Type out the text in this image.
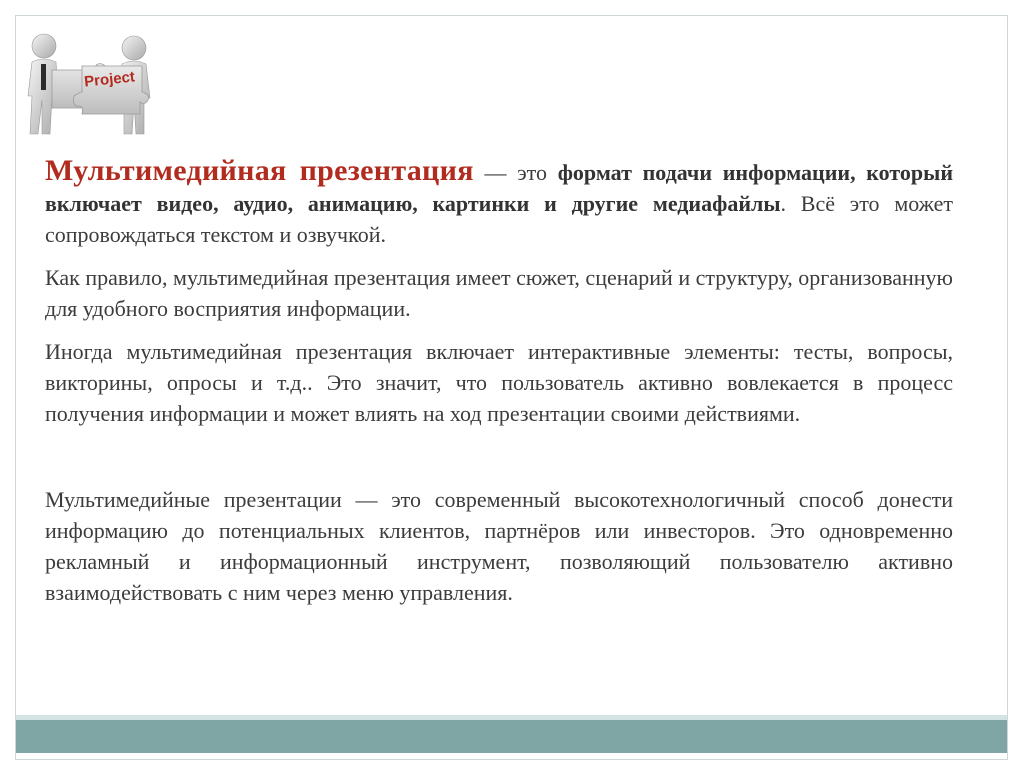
Project

Мультимедийная презентация — это формат подачи информации, который включает видео, аудио, анимацию, картинки и другие медиафайлы. Всё это может сопровождаться текстом и озвучкой.

Как правило, мультимедийная презентация имеет сюжет, сценарий и структуру, организованную для удобного восприятия информации.

Иногда мультимедийная презентация включает интерактивные элементы: тесты, вопросы, викторины, опросы и т.д.. Это значит, что пользователь активно вовлекается в процесс получения информации и может влиять на ход презентации своими действиями.

Мультимедийные презентации — это современный высокотехнологичный способ донести информацию до потенциальных клиентов, партнёров или инвесторов. Это одновременно рекламный и информационный инструмент, позволяющий пользователю активно взаимодействовать с ним через меню управления.
